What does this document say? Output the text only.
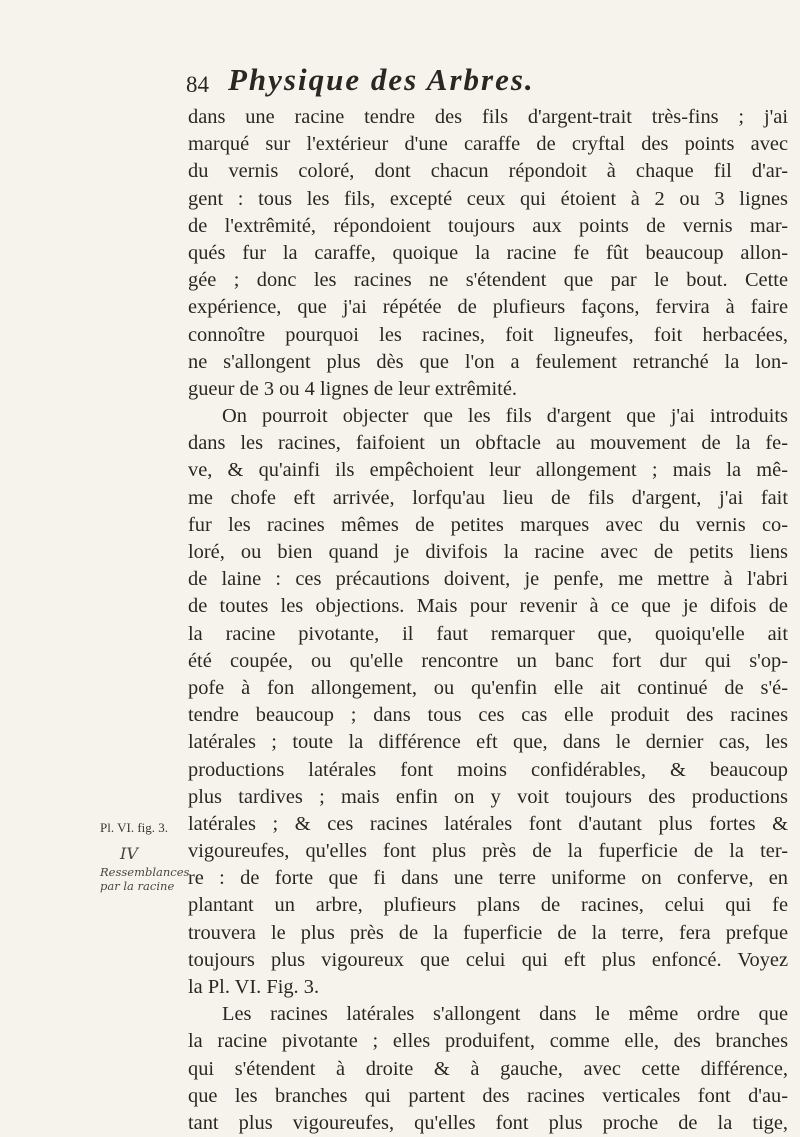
84 Physique des Arbres.
Pl. VI. fig. 3.
IV
Ressemblances par la racine
dans une racine tendre des fils d'argent-trait très-fins ; j'ai
marqué sur l'extérieur d'une caraffe de cryftal des points avec
du vernis coloré, dont chacun répondoit à chaque fil d'ar-
gent : tous les fils, excepté ceux qui étoient à 2 ou 3 lignes
de l'extrêmité, répondoient toujours aux points de vernis mar-
qués fur la caraffe, quoique la racine fe fût beaucoup allon-
gée ; donc les racines ne s'étendent que par le bout. Cette
expérience, que j'ai répétée de plufieurs façons, fervira à faire
connoître pourquoi les racines, foit ligneufes, foit herbacées,
ne s'allongent plus dès que l'on a feulement retranché la lon-
gueur de 3 ou 4 lignes de leur extrêmité.
On pourroit objecter que les fils d'argent que j'ai introduits
dans les racines, faifoient un obftacle au mouvement de la fe-
ve, & qu'ainfi ils empêchoient leur allongement ; mais la mê-
me chofe eft arrivée, lorfqu'au lieu de fils d'argent, j'ai fait
fur les racines mêmes de petites marques avec du vernis co-
loré, ou bien quand je divifois la racine avec de petits liens
de laine : ces précautions doivent, je penfe, me mettre à l'abri
de toutes les objections. Mais pour revenir à ce que je difois de
la racine pivotante, il faut remarquer que, quoiqu'elle ait
été coupée, ou qu'elle rencontre un banc fort dur qui s'op-
pofe à fon allongement, ou qu'enfin elle ait continué de s'é-
tendre beaucoup ; dans tous ces cas elle produit des racines
latérales ; toute la différence eft que, dans le dernier cas, les
productions latérales font moins confidérables, & beaucoup
plus tardives ; mais enfin on y voit toujours des productions
latérales ; & ces racines latérales font d'autant plus fortes &
vigoureufes, qu'elles font plus près de la fuperficie de la ter-
re : de forte que fi dans une terre uniforme on conferve, en
plantant un arbre, plufieurs plans de racines, celui qui fe
trouvera le plus près de la fuperficie de la terre, fera prefque
toujours plus vigoureux que celui qui eft plus enfoncé. Voyez
la Pl. VI. Fig. 3.
Les racines latérales s'allongent dans le même ordre que
la racine pivotante ; elles produifent, comme elle, des branches
qui s'étendent à droite & à gauche, avec cette différence,
que les branches qui partent des racines verticales font d'au-
tant plus vigoureufes, qu'elles font plus proche de la tige,
